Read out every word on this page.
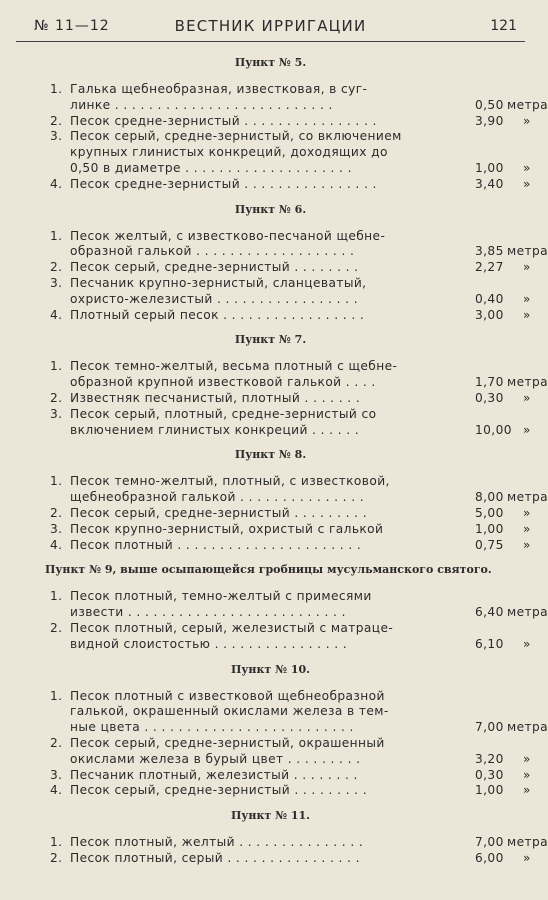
№ 11—12	ВЕСТНИК ИРРИГАЦИИ	121
Пункт № 5.
1. Галька щебнеобразная, известковая, в суг-
линке . . . . . . . . . . . . . . . . . . . . . . . . . .	0,50 метра
2. Песок средне-зернистый . . . . . . . . . . . . . . . .	3,90 »
3. Песок серый, средне-зернистый, со включением
крупных глинистых конкреций, доходящих до
0,50 в диаметре . . . . . . . . . . . . . . . . . . . .	1,00 »
4. Песок средне-зернистый . . . . . . . . . . . . . . . .	3,40 »
Пункт № 6.
1. Песок желтый, с известково-песчаной щебне-
образной галькой . . . . . . . . . . . . . . . . . . .	3,85 метра
2. Песок серый, средне-зернистый . . . . . . . .	2,27 »
3. Песчаник крупно-зернистый, сланцеватый,
охристо-железистый . . . . . . . . . . . . . . . . .	0,40 »
4. Плотный серый песок . . . . . . . . . . . . . . . . .	3,00 »
Пункт № 7.
1. Песок темно-желтый, весьма плотный с щебне-
образной крупной известковой галькой . . . .	1,70 метра
2. Известняк песчанистый, плотный . . . . . . .	0,30 »
3. Песок серый, плотный, средне-зернистый со
включением глинистых конкреций . . . . . .	10,00 »
Пункт № 8.
1. Песок темно-желтый, плотный, с известковой,
щебнеобразной галькой . . . . . . . . . . . . . . .	8,00 метра
2. Песок серый, средне-зернистый . . . . . . . . .	5,00 »
3. Песок крупно-зернистый, охристый с галькой	1,00 »
4. Песок плотный . . . . . . . . . . . . . . . . . . . . . .	0,75 »
Пункт № 9, выше осыпающейся гробницы мусульманского святого.
1. Песок плотный, темно-желтый с примесями
извести . . . . . . . . . . . . . . . . . . . . . . . . . .	6,40 метра
2. Песок плотный, серый, железистый с матраце-
видной слоистостью . . . . . . . . . . . . . . . .	6,10 »
Пункт № 10.
1. Песок плотный с известковой щебнеобразной
галькой, окрашенный окислами железа в тем-
ные цвета . . . . . . . . . . . . . . . . . . . . . . . . .	7,00 метра
2. Песок серый, средне-зернистый, окрашенный
окислами железа в бурый цвет . . . . . . . . .	3,20 »
3. Песчаник плотный, железистый . . . . . . . .	0,30 »
4. Песок серый, средне-зернистый . . . . . . . . .	1,00 »
Пункт № 11.
1. Песок плотный, желтый . . . . . . . . . . . . . . .	7,00 метра
2. Песок плотный, серый . . . . . . . . . . . . . . . .	6,00 »
